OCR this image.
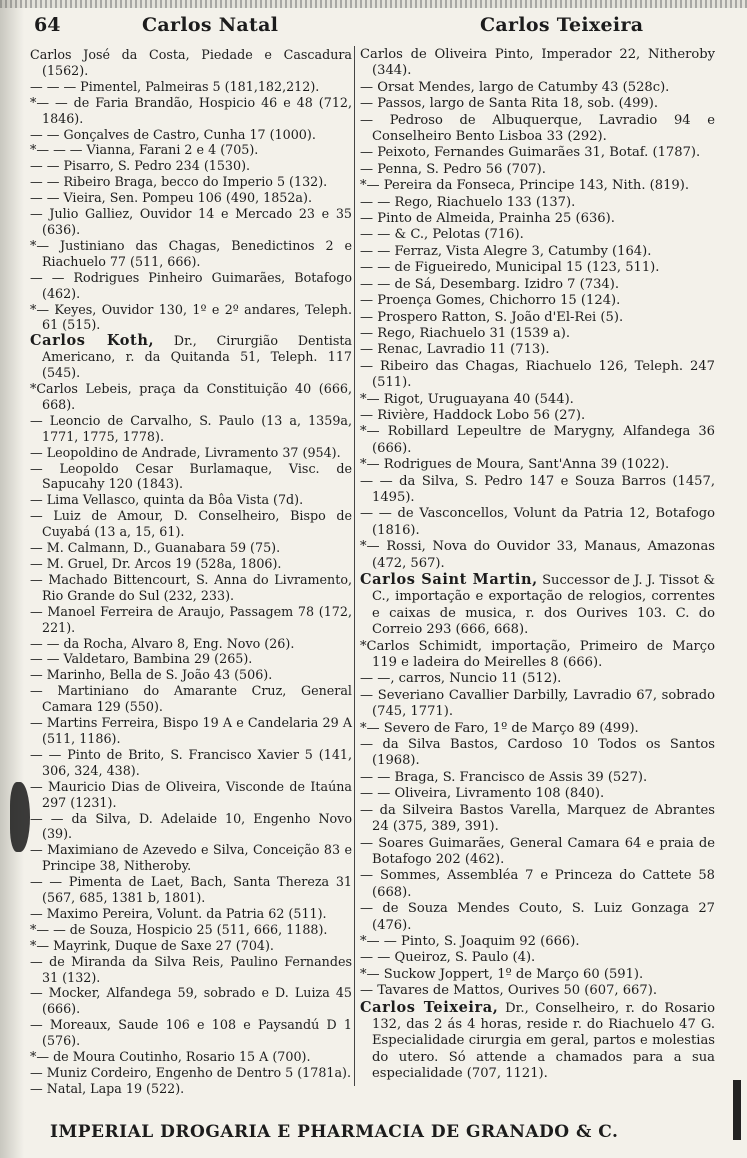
64	Carlos Natal	Carlos Teixeira

Carlos José da Costa, Piedade e Cascadura (1562).

— — — Pimentel, Palmeiras 5 (181,182,212).

*— — de Faria Brandão, Hospicio 46 e 48 (712, 1846).

— — Gonçalves de Castro, Cunha 17 (1000).

*— — — Vianna, Farani 2 e 4 (705).

— — Pisarro, S. Pedro 234 (1530).

— — Ribeiro Braga, becco do Imperio 5 (132).

— — Vieira, Sen. Pompeu 106 (490, 1852a).

— Julio Galliez, Ouvidor 14 e Mercado 23 e 35 (636).

*— Justiniano das Chagas, Benedictinos 2 e Riachuelo 77 (511, 666).

— — Rodrigues Pinheiro Guimarães, Botafogo (462).

*— Keyes, Ouvidor 130, 1º e 2º andares, Teleph. 61 (515).

Carlos Koth, Dr., Cirurgião Dentista Americano, r. da Quitanda 51, Teleph. 117 (545).

*Carlos Lebeis, praça da Constituição 40 (666, 668).

— Leoncio de Carvalho, S. Paulo (13 a, 1359a, 1771, 1775, 1778).

— Leopoldino de Andrade, Livramento 37 (954).

— Leopoldo Cesar Burlamaque, Visc. de Sapucahy 120 (1843).

— Lima Vellasco, quinta da Bôa Vista (7d).

— Luiz de Amour, D. Conselheiro, Bispo de Cuyabá (13 a, 15, 61).

— M. Calmann, D., Guanabara 59 (75).

— M. Gruel, Dr. Arcos 19 (528a, 1806).

— Machado Bittencourt, S. Anna do Livramento, Rio Grande do Sul (232, 233).

— Manoel Ferreira de Araujo, Passagem 78 (172, 221).

— — da Rocha, Alvaro 8, Eng. Novo (26).

— — Valdetaro, Bambina 29 (265).

— Marinho, Bella de S. João 43 (506).

— Martiniano do Amarante Cruz, General Camara 129 (550).

— Martins Ferreira, Bispo 19 A e Candelaria 29 A (511, 1186).

— — Pinto de Brito, S. Francisco Xavier 5 (141, 306, 324, 438).

— Mauricio Dias de Oliveira, Visconde de Itaúna 297 (1231).

— — da Silva, D. Adelaide 10, Engenho Novo (39).

— Maximiano de Azevedo e Silva, Conceição 83 e Principe 38, Nitheroby.

— — Pimenta de Laet, Bach, Santa Thereza 31 (567, 685, 1381 b, 1801).

— Maximo Pereira, Volunt. da Patria 62 (511).

*— — de Souza, Hospicio 25 (511, 666, 1188).

*— Mayrink, Duque de Saxe 27 (704).

— de Miranda da Silva Reis, Paulino Fernandes 31 (132).

— Mocker, Alfandega 59, sobrado e D. Luiza 45 (666).

— Moreaux, Saude 106 e 108 e Paysandú D 1 (576).

*— de Moura Coutinho, Rosario 15 A (700).

— Muniz Cordeiro, Engenho de Dentro 5 (1781a).

— Natal, Lapa 19 (522).

Carlos de Oliveira Pinto, Imperador 22, Nitheroby (344).

— Orsat Mendes, largo de Catumby 43 (528c).

— Passos, largo de Santa Rita 18, sob. (499).

— Pedroso de Albuquerque, Lavradio 94 e Conselheiro Bento Lisboa 33 (292).

— Peixoto, Fernandes Guimarães 31, Botaf. (1787).

— Penna, S. Pedro 56 (707).

*— Pereira da Fonseca, Principe 143, Nith. (819).

— — Rego, Riachuelo 133 (137).

— Pinto de Almeida, Prainha 25 (636).

— — & C., Pelotas (716).

— — Ferraz, Vista Alegre 3, Catumby (164).

— — de Figueiredo, Municipal 15 (123, 511).

— — de Sá, Desembarg. Izidro 7 (734).

— Proença Gomes, Chichorro 15 (124).

— Prospero Ratton, S. João d'El-Rei (5).

— Rego, Riachuelo 31 (1539 a).

— Renac, Lavradio 11 (713).

— Ribeiro das Chagas, Riachuelo 126, Teleph. 247 (511).

*— Rigot, Uruguayana 40 (544).

— Rivière, Haddock Lobo 56 (27).

*— Robillard Lepeultre de Marygny, Alfandega 36 (666).

*— Rodrigues de Moura, Sant'Anna 39 (1022).

— — da Silva, S. Pedro 147 e Souza Barros (1457, 1495).

— — de Vasconcellos, Volunt da Patria 12, Botafogo (1816).

*— Rossi, Nova do Ouvidor 33, Manaus, Amazonas (472, 567).

Carlos Saint Martin, Successor de J. J. Tissot & C., importação e exportação de relogios, correntes e caixas de musica, r. dos Ourives 103. C. do Correio 293 (666, 668).

*Carlos Schimidt, importação, Primeiro de Março 119 e ladeira do Meirelles 8 (666).

— —, carros, Nuncio 11 (512).

— Severiano Cavallier Darbilly, Lavradio 67, sobrado (745, 1771).

*— Severo de Faro, 1º de Março 89 (499).

— da Silva Bastos, Cardoso 10 Todos os Santos (1968).

— — Braga, S. Francisco de Assis 39 (527).

— — Oliveira, Livramento 108 (840).

— da Silveira Bastos Varella, Marquez de Abrantes 24 (375, 389, 391).

— Soares Guimarães, General Camara 64 e praia de Botafogo 202 (462).

— Sommes, Assembléa 7 e Princeza do Cattete 58 (668).

— de Souza Mendes Couto, S. Luiz Gonzaga 27 (476).

*— — Pinto, S. Joaquim 92 (666).

— — Queiroz, S. Paulo (4).

*— Suckow Joppert, 1º de Março 60 (591).

— Tavares de Mattos, Ourives 50 (607, 667).

Carlos Teixeira, Dr., Conselheiro, r. do Rosario 132, das 2 ás 4 horas, reside r. do Riachuelo 47 G. Especialidade cirurgia em geral, partos e molestias do utero. Só attende a chamados para a sua especialidade (707, 1121).

IMPERIAL DROGARIA E PHARMACIA DE GRANADO & C.
